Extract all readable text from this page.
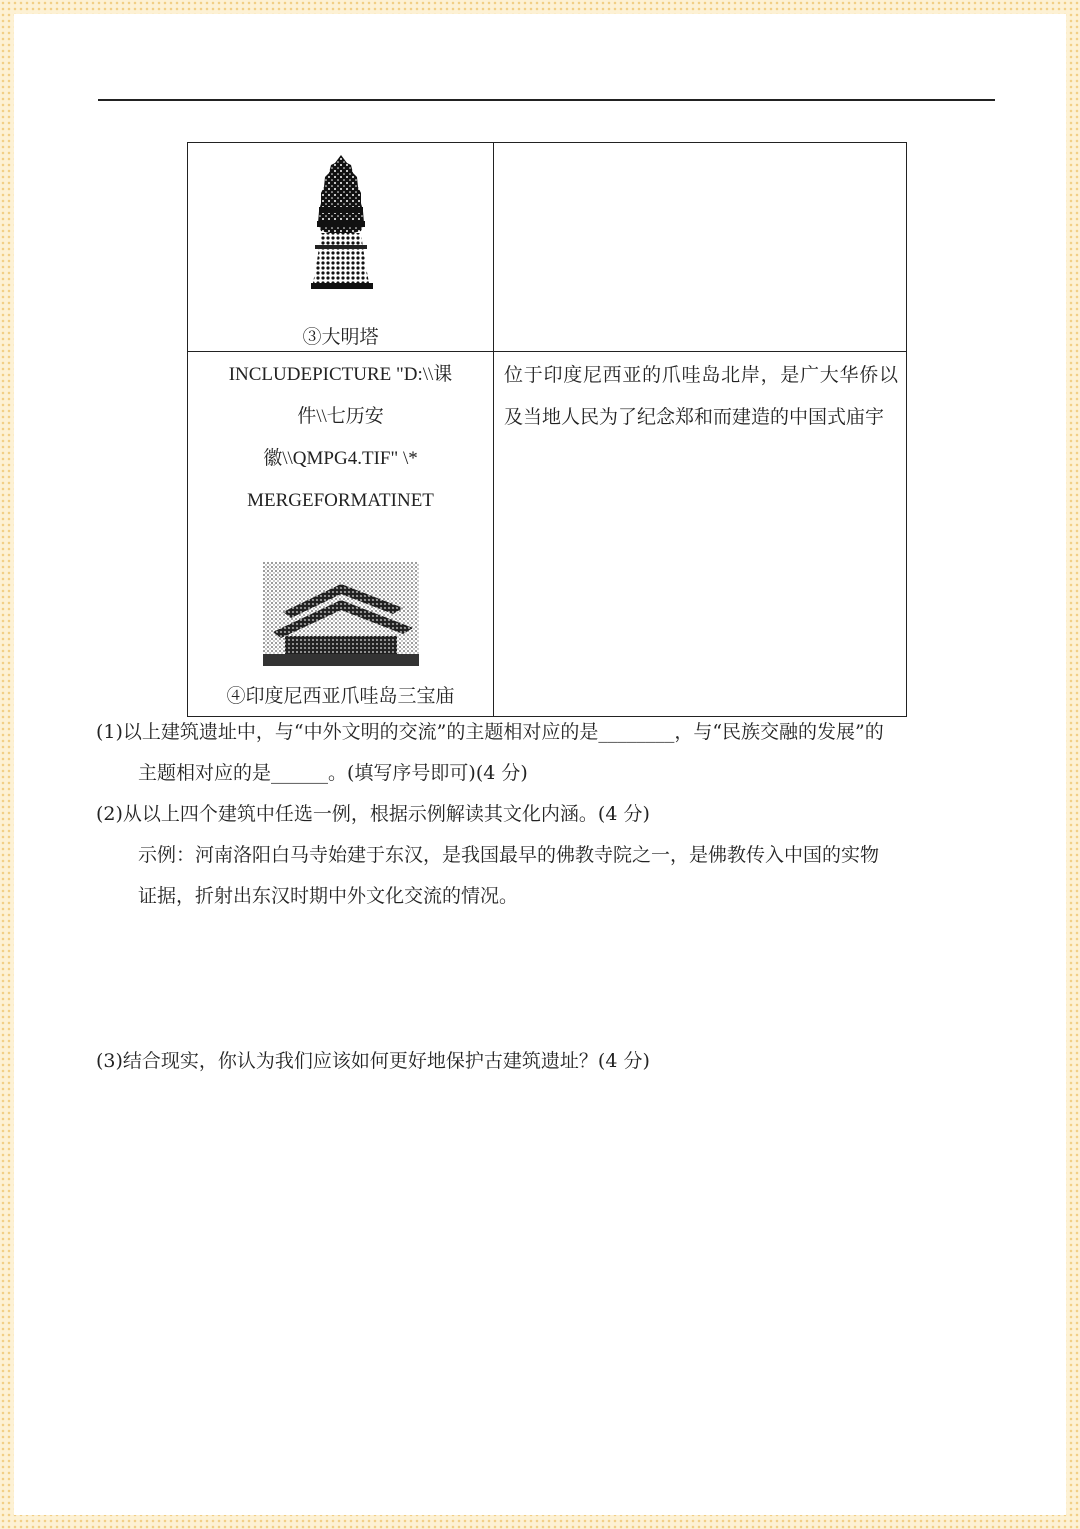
③大明塔	

INCLUDEPICTURE "D:\\课
件\\七历安
徽\\QMPG4.TIF" \*
MERGEFORMATINET
④印度尼西亚爪哇岛三宝庙	位于印度尼西亚的爪哇岛北岸，是广大华侨以及当地人民为了纪念郑和而建造的中国式庙宇
(1)以上建筑遗址中，与“中外文明的交流”的主题相对应的是________，与“民族交融的发展”的
主题相对应的是______。(填写序号即可)(4 分)
(2)从以上四个建筑中任选一例，根据示例解读其文化内涵。(4 分)
示例：河南洛阳白马寺始建于东汉，是我国最早的佛教寺院之一，是佛教传入中国的实物
证据，折射出东汉时期中外文化交流的情况。
(3)结合现实，你认为我们应该如何更好地保护古建筑遗址？(4 分)
